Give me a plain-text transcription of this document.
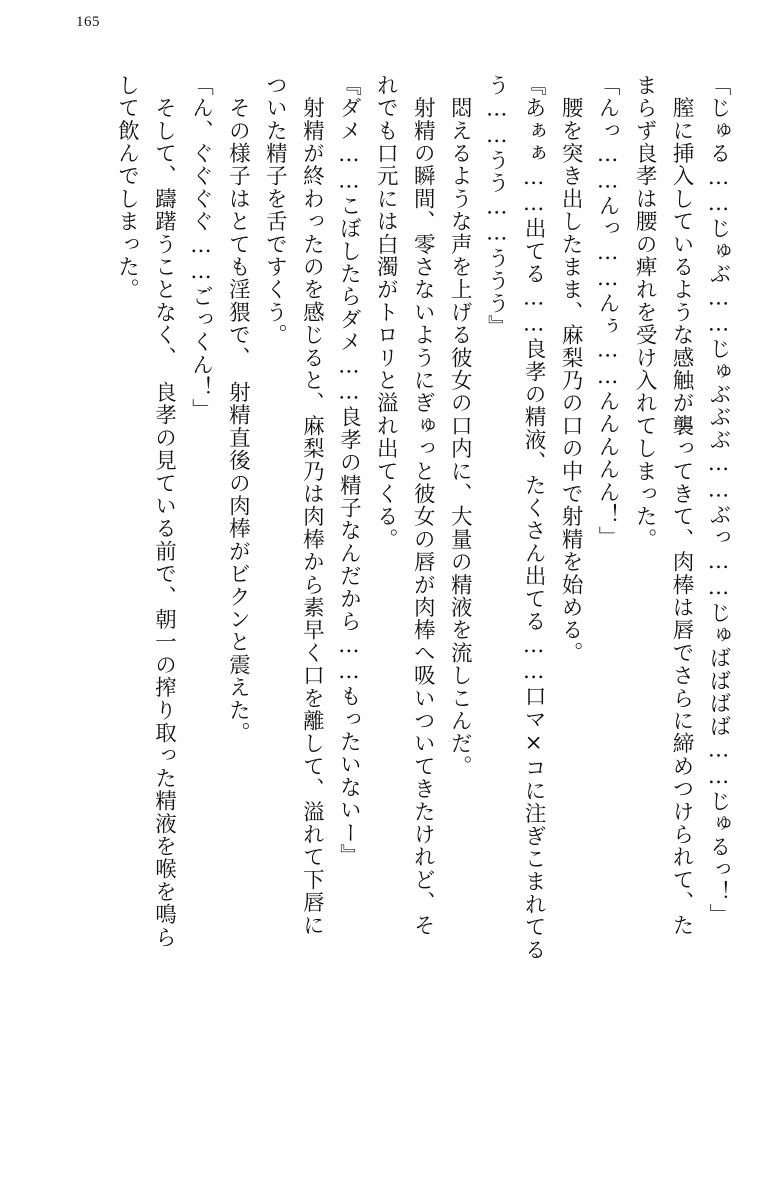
165

「じゅる……じゅぶ……じゅぶぶぶ……ぶっ……じゅばばばば……じゅるっ！」

　膣に挿入しているような感触が襲ってきて、肉棒は唇でさらに締めつけられて、た

まらず良孝は腰の痺れを受け入れてしまった。

「んっ……んっ……んぅ……んんんんん！」

　腰を突き出したまま、麻梨乃の口の中で射精を始める。

『あぁぁ……出てる……良孝の精液、たくさん出てる……口マ×コに注ぎこまれてる

う……うう……ううう』

　悶えるような声を上げる彼女の口内に、大量の精液を流しこんだ。

　射精の瞬間、零さないようにぎゅっと彼女の唇が肉棒へ吸いついてきたけれど、そ

れでも口元には白濁がトロリと溢れ出てくる。

『ダメ……こぼしたらダメ……良孝の精子なんだから……もったいないー』

　射精が終わったのを感じると、麻梨乃は肉棒から素早く口を離して、溢れて下唇に

ついた精子を舌ですくう。

　その様子はとても淫猥で、　射精直後の肉棒がビクンと震えた。

「ん、ぐぐぐぐ……ごっくん！」

　そして、躊躇うことなく、　良孝の見ている前で、朝一の搾り取った精液を喉を鳴ら

して飲んでしまった。
